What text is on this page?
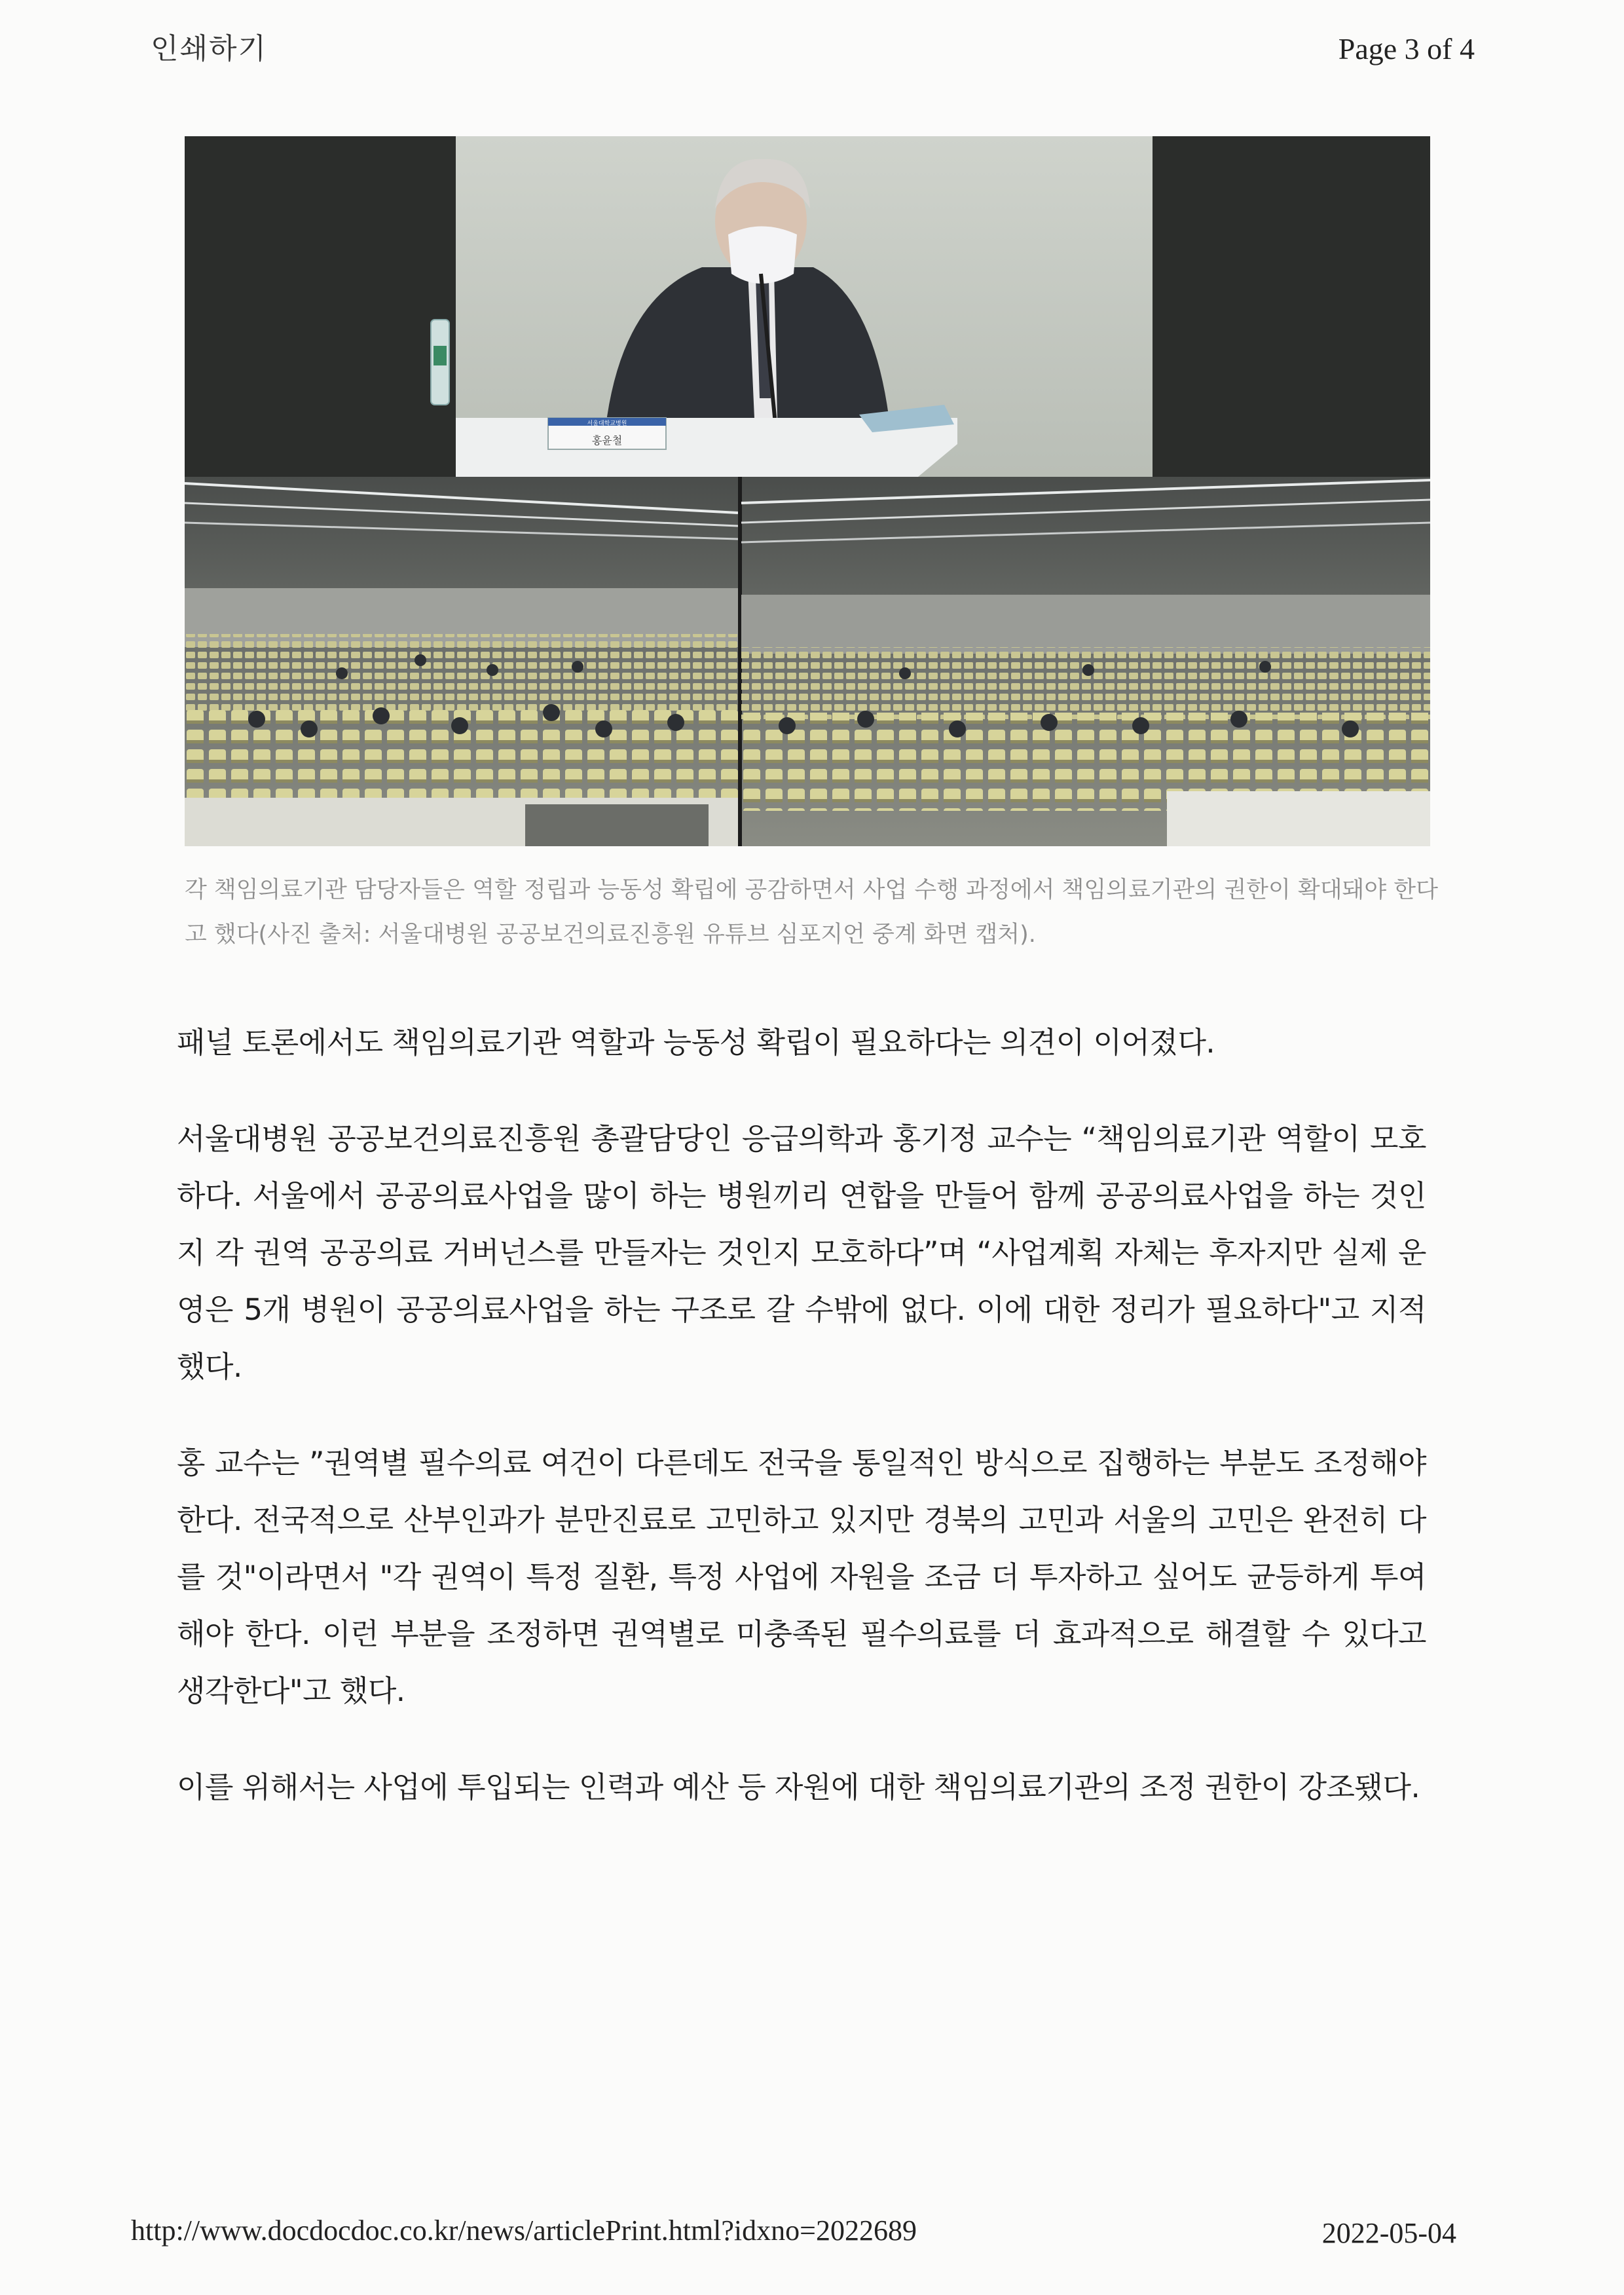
인쇄하기	Page 3 of 4
홍윤철
서울대학교병원
각 책임의료기관 담당자들은 역할 정립과 능동성 확립에 공감하면서 사업 수행 과정에서 책임의료기관의 권한이 확대돼야 한다고 했다(사진 출처: 서울대병원 공공보건의료진흥원 유튜브 심포지언 중계 화면 캡처).

패널 토론에서도 책임의료기관 역할과 능동성 확립이 필요하다는 의견이 이어졌다.

서울대병원 공공보건의료진흥원 총괄담당인 응급의학과 홍기정 교수는 “책임의료기관 역할이 모호하다. 서울에서 공공의료사업을 많이 하는 병원끼리 연합을 만들어 함께 공공의료사업을 하는 것인지 각 권역 공공의료 거버넌스를 만들자는 것인지 모호하다”며 “사업계획 자체는 후자지만 실제 운영은 5개 병원이 공공의료사업을 하는 구조로 갈 수밖에 없다. 이에 대한 정리가 필요하다"고 지적했다.

홍 교수는 ”권역별 필수의료 여건이 다른데도 전국을 통일적인 방식으로 집행하는 부분도 조정해야 한다. 전국적으로 산부인과가 분만진료로 고민하고 있지만 경북의 고민과 서울의 고민은 완전히 다를 것"이라면서 "각 권역이 특정 질환, 특정 사업에 자원을 조금 더 투자하고 싶어도 균등하게 투여해야 한다. 이런 부분을 조정하면 권역별로 미충족된 필수의료를 더 효과적으로 해결할 수 있다고 생각한다"고 했다.

이를 위해서는 사업에 투입되는 인력과 예산 등 자원에 대한 책임의료기관의 조정 권한이 강조됐다.

http://www.docdocdoc.co.kr/news/articlePrint.html?idxno=2022689	2022-05-04
